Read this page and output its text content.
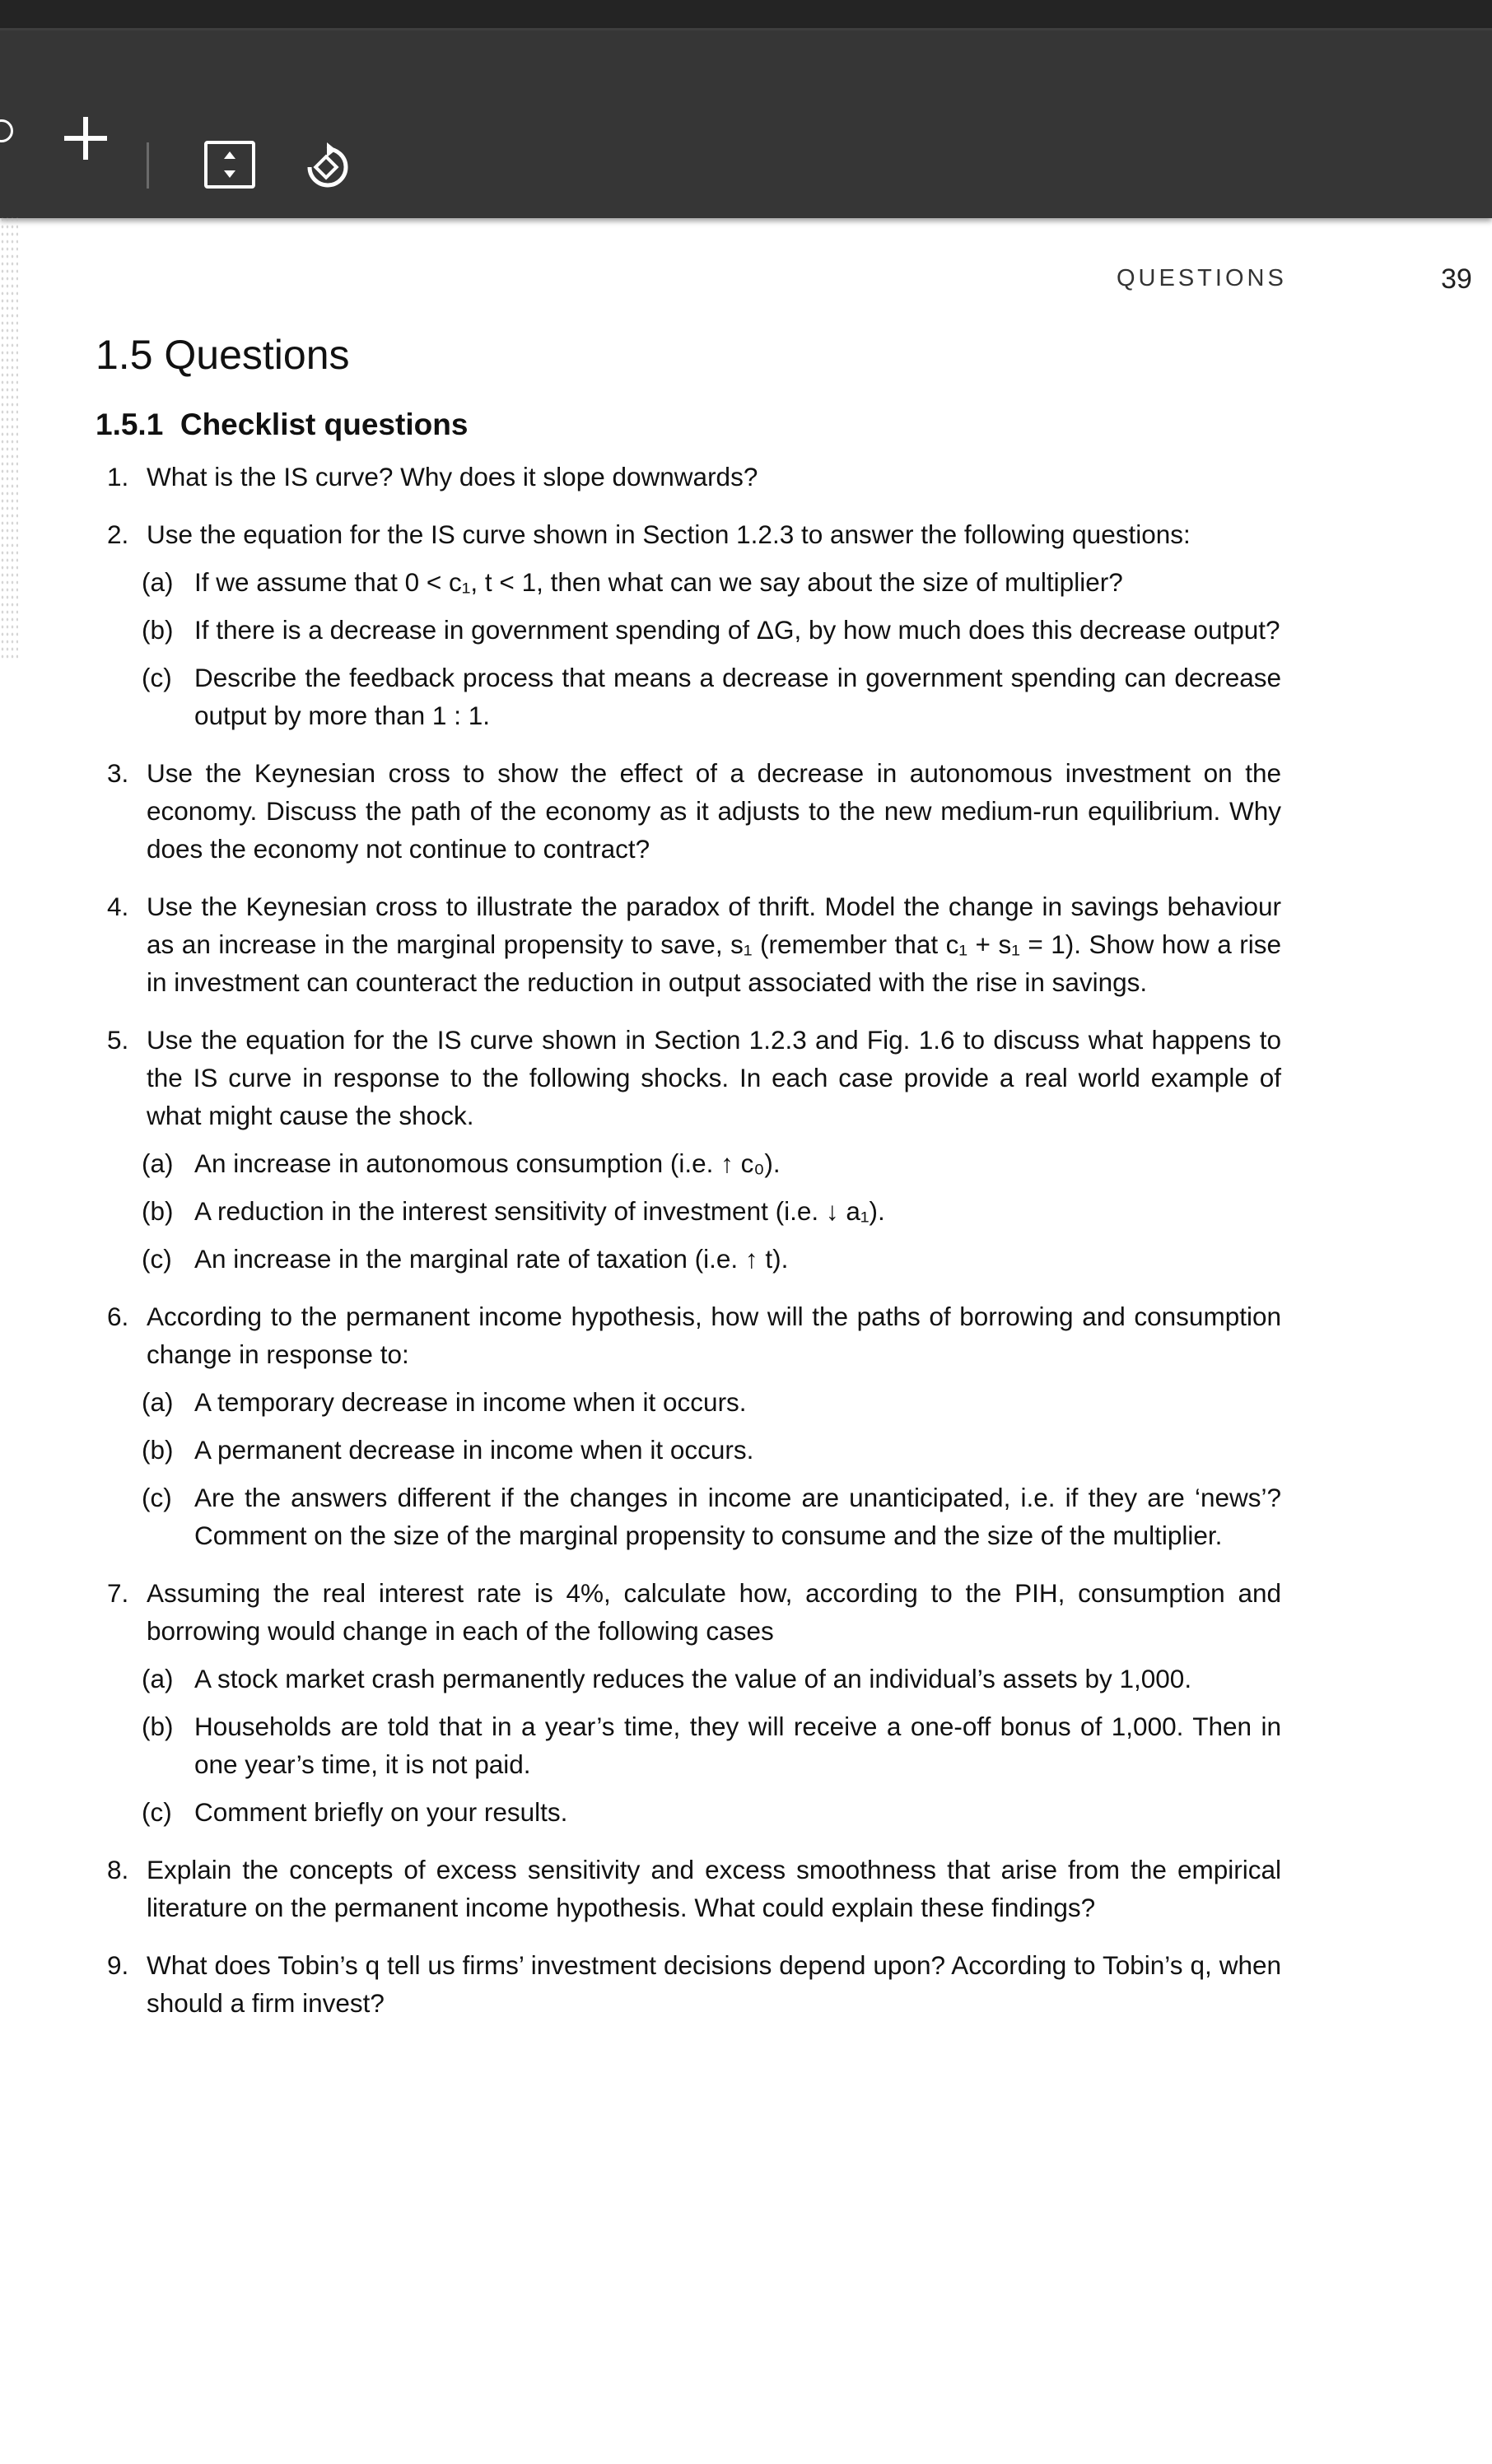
QUESTIONS	39
1.5 Questions
1.5.1 Checklist questions
1. What is the IS curve? Why does it slope downwards?
2. Use the equation for the IS curve shown in Section 1.2.3 to answer the following questions:
(a) If we assume that 0 < c₁, t < 1, then what can we say about the size of multiplier?
(b) If there is a decrease in government spending of ΔG, by how much does this decrease output?
(c) Describe the feedback process that means a decrease in government spending can decrease output by more than 1 : 1.
3. Use the Keynesian cross to show the effect of a decrease in autonomous investment on the economy. Discuss the path of the economy as it adjusts to the new medium-run equilibrium. Why does the economy not continue to contract?
4. Use the Keynesian cross to illustrate the paradox of thrift. Model the change in savings behaviour as an increase in the marginal propensity to save, s₁ (remember that c₁ + s₁ = 1). Show how a rise in investment can counteract the reduction in output associated with the rise in savings.
5. Use the equation for the IS curve shown in Section 1.2.3 and Fig. 1.6 to discuss what happens to the IS curve in response to the following shocks. In each case provide a real world example of what might cause the shock.
(a) An increase in autonomous consumption (i.e. ↑ c₀).
(b) A reduction in the interest sensitivity of investment (i.e. ↓ a₁).
(c) An increase in the marginal rate of taxation (i.e. ↑ t).
6. According to the permanent income hypothesis, how will the paths of borrowing and consumption change in response to:
(a) A temporary decrease in income when it occurs.
(b) A permanent decrease in income when it occurs.
(c) Are the answers different if the changes in income are unanticipated, i.e. if they are ‘news’? Comment on the size of the marginal propensity to consume and the size of the multiplier.
7. Assuming the real interest rate is 4%, calculate how, according to the PIH, consumption and borrowing would change in each of the following cases
(a) A stock market crash permanently reduces the value of an individual’s assets by 1,000.
(b) Households are told that in a year’s time, they will receive a one-off bonus of 1,000. Then in one year’s time, it is not paid.
(c) Comment briefly on your results.
8. Explain the concepts of excess sensitivity and excess smoothness that arise from the empirical literature on the permanent income hypothesis. What could explain these findings?
9. What does Tobin’s q tell us firms’ investment decisions depend upon? According to Tobin’s q, when should a firm invest?
